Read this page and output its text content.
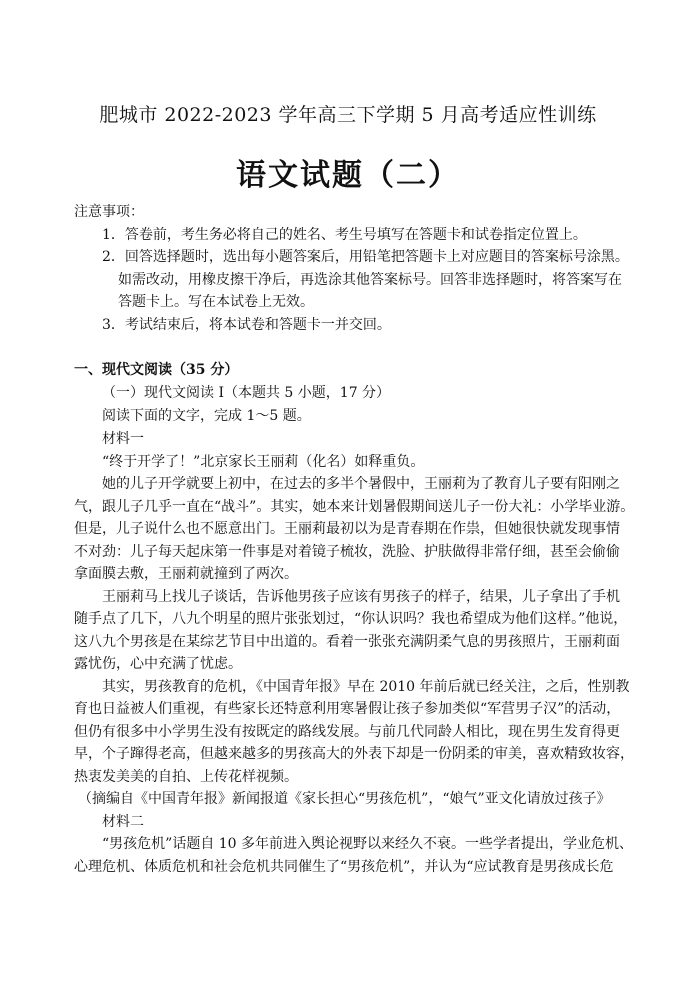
肥城市 2022-2023 学年高三下学期 5 月高考适应性训练
语文试题（二）
注意事项：
1．答卷前，考生务必将自己的姓名、考生号填写在答题卡和试卷指定位置上。
2．回答选择题时，选出每小题答案后，用铅笔把答题卡上对应题目的答案标号涂黑。
如需改动，用橡皮擦干净后，再选涂其他答案标号。回答非选择题时，将答案写在
答题卡上。写在本试卷上无效。
3．考试结束后，将本试卷和答题卡一并交回。
一、现代文阅读（35 分）
（一）现代文阅读 I（本题共 5 小题，17 分）
阅读下面的文字，完成 1～5 题。
材料一
“终于开学了！”北京家长王丽莉（化名）如释重负。
她的儿子开学就要上初中，在过去的多半个暑假中，王丽莉为了教育儿子要有阳刚之
气，跟儿子几乎一直在“战斗”。其实，她本来计划暑假期间送儿子一份大礼：小学毕业游。
但是，儿子说什么也不愿意出门。王丽莉最初以为是青春期在作祟，但她很快就发现事情
不对劲：儿子每天起床第一件事是对着镜子梳妆，洗脸、护肤做得非常仔细，甚至会偷偷
拿面膜去敷，王丽莉就撞到了两次。
王丽莉马上找儿子谈话，告诉他男孩子应该有男孩子的样子，结果，儿子拿出了手机
随手点了几下，八九个明星的照片张张划过，“你认识吗？我也希望成为他们这样。”他说，
这八九个男孩是在某综艺节目中出道的。看着一张张充满阴柔气息的男孩照片，王丽莉面
露忧伤，心中充满了忧虑。
其实，男孩教育的危机，《中国青年报》早在 2010 年前后就已经关注，之后，性别教
育也日益被人们重视，有些家长还特意利用寒暑假让孩子参加类似“军营男子汉”的活动，
但仍有很多中小学男生没有按既定的路线发展。与前几代同龄人相比，现在男生发育得更
早，个子蹿得老高，但越来越多的男孩高大的外表下却是一份阴柔的审美，喜欢精致妆容，
热衷发美美的自拍、上传花样视频。
（摘编自《中国青年报》新闻报道《家长担心“男孩危机”，“娘气”亚文化请放过孩子》
材料二
“男孩危机”话题自 10 多年前进入舆论视野以来经久不衰。一些学者提出，学业危机、
心理危机、体质危机和社会危机共同催生了“男孩危机”，并认为“应试教育是男孩成长危
